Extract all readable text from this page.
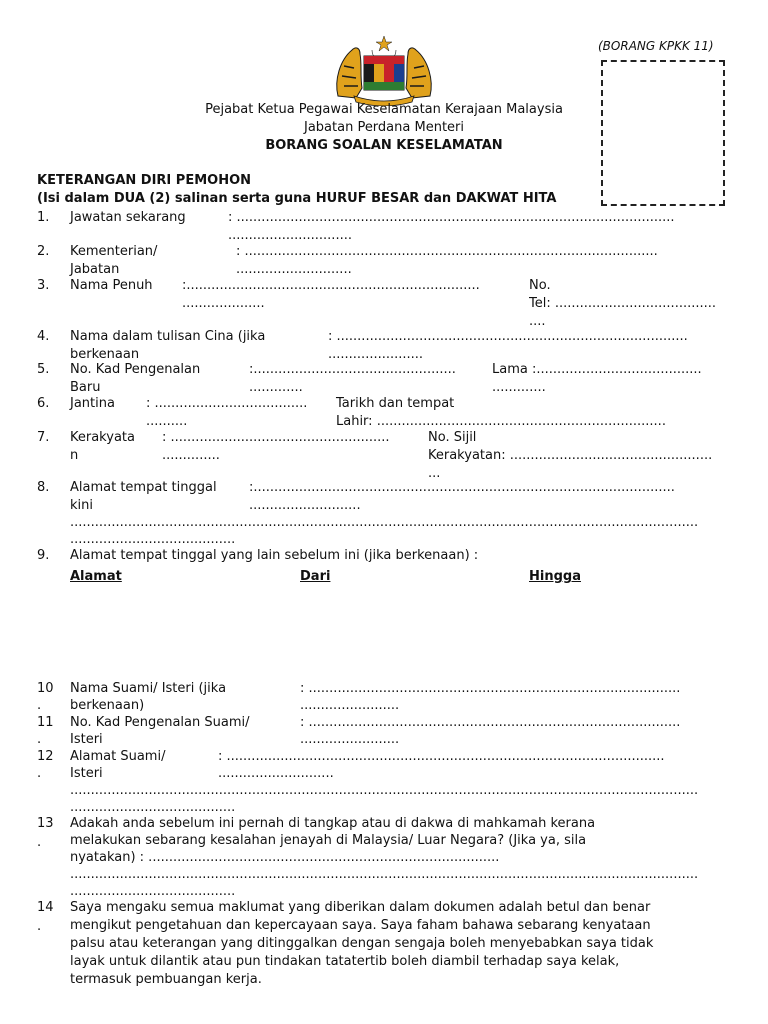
(BORANG KPKK 11)
Pejabat Ketua Pegawai Keselamatan Kerajaan Malaysia
Jabatan Perdana Menteri
BORANG SOALAN KESELAMATAN
KETERANGAN DIRI PEMOHON
(Isi dalam DUA (2) salinan serta guna HURUF BESAR dan DAKWAT HITA
1. Jawatan sekarang	: ..........................................................................................................
..............................
2. Kementerian/
Jabatan
: ....................................................................................................
............................
3. Nama Penuh :.......................................................................
....................
No.
Tel: .......................................
....
4. Nama dalam tulisan Cina (jika
berkenaan
: .....................................................................................
.......................
5. No. Kad Pengenalan
Baru
:.................................................
.............
Lama :........................................
.............
6. Jantina : .....................................
..........
Tarikh dan tempat
Lahir: ......................................................................
7. Kerakyata
n
: .....................................................
..............
No. Sijil
Kerakyatan: .................................................
...
8. Alamat tempat tinggal
kini
:......................................................................................................
...........................
........................................................................................................................................................
........................................
9. Alamat tempat tinggal yang lain sebelum ini (jika berkenaan) :
Alamat	Dari	Hingga
10
.
Nama Suami/ Isteri (jika
berkenaan)
: ..........................................................................................
........................
11
.
No. Kad Pengenalan Suami/
Isteri
: ..........................................................................................
........................
12
.
Alamat Suami/
Isteri
: ..........................................................................................................
............................
........................................................................................................................................................
........................................
13
.
Adakah anda sebelum ini pernah di tangkap atau di dakwa di mahkamah kerana
melakukan sebarang kesalahan jenayah di Malaysia/ Luar Negara? (Jika ya, sila
nyatakan) : .....................................................................................
........................................................................................................................................................
........................................
14
.
Saya mengaku semua maklumat yang diberikan dalam dokumen adalah betul dan benar
mengikut pengetahuan dan kepercayaan saya. Saya faham bahawa sebarang kenyataan
palsu atau keterangan yang ditinggalkan dengan sengaja boleh menyebabkan saya tidak
layak untuk dilantik atau pun tindakan tatatertib boleh diambil terhadap saya kelak,
termasuk pembuangan kerja.
